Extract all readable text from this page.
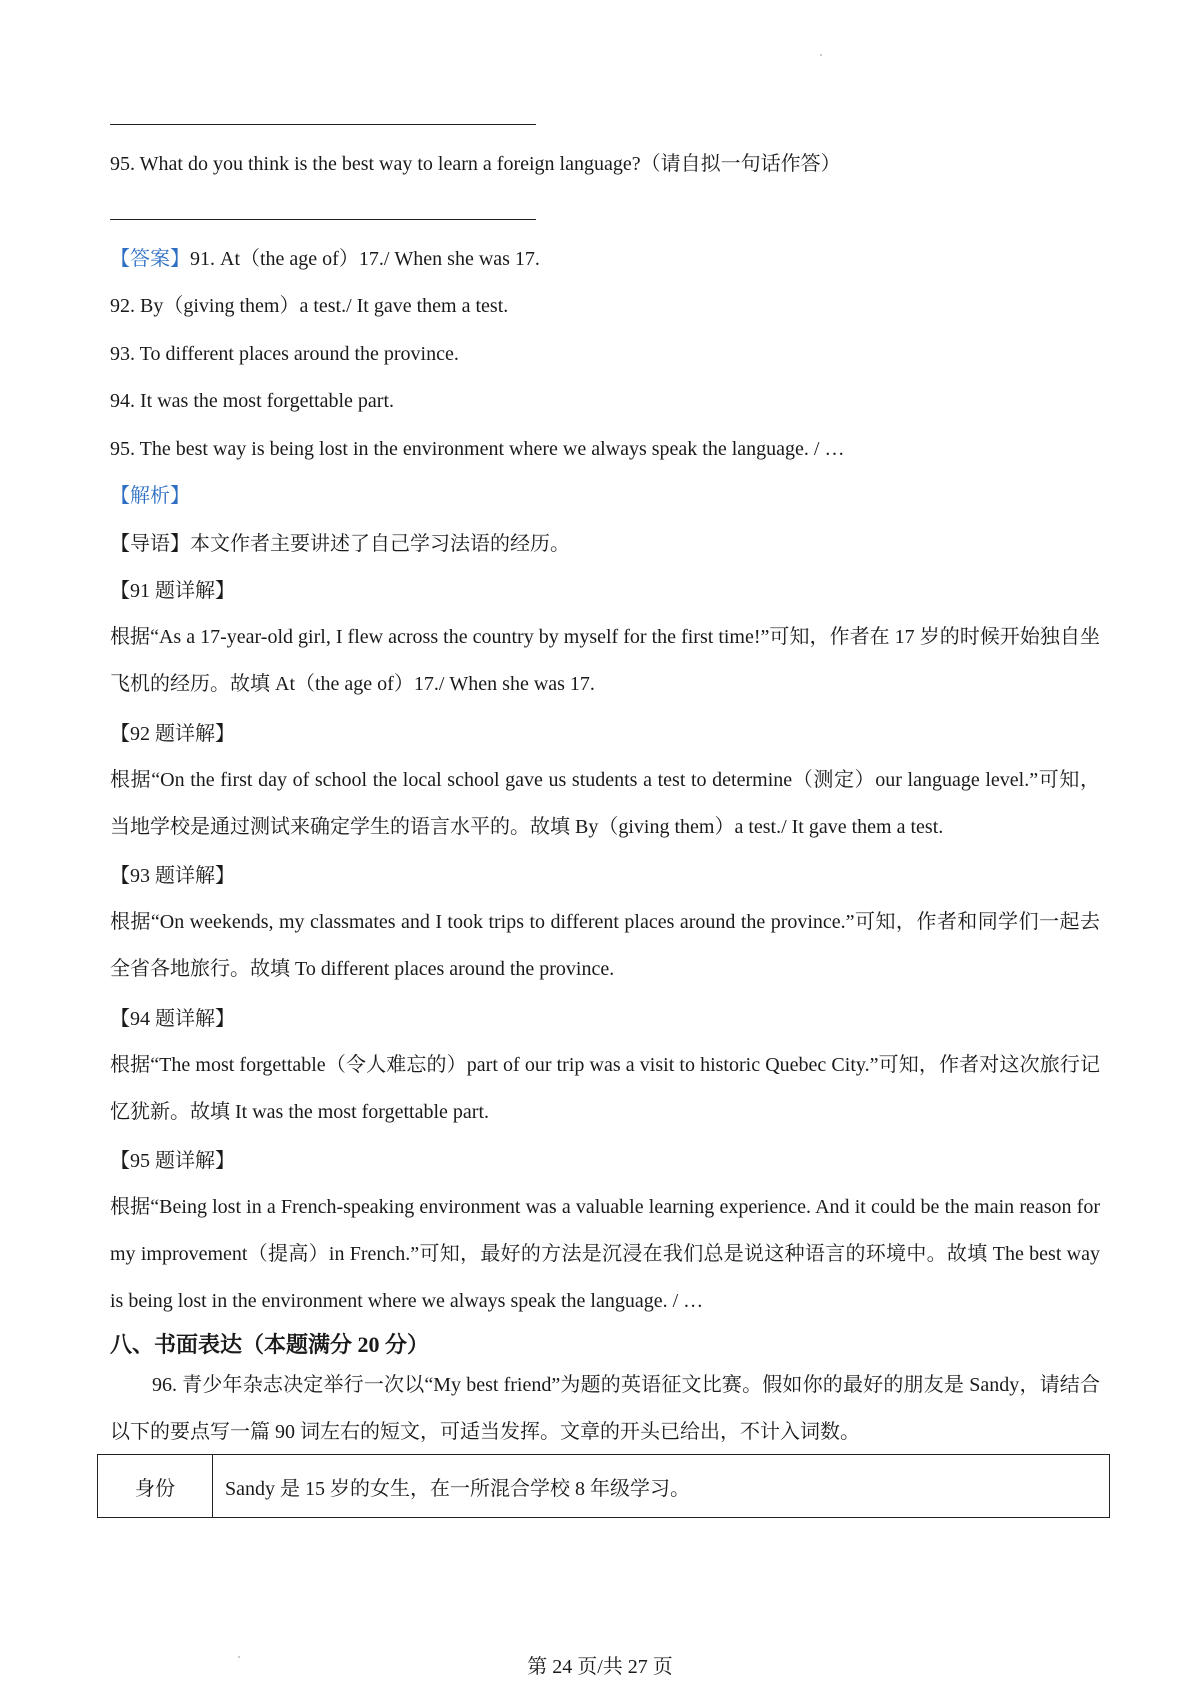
95. What do you think is the best way to learn a foreign language?（请自拟一句话作答）
【答案】91. At（the age of）17./ When she was 17.
92. By（giving them）a test./ It gave them a test.
93. To different places around the province.
94. It was the most forgettable part.
95. The best way is being lost in the environment where we always speak the language. / …
【解析】
【导语】本文作者主要讲述了自己学习法语的经历。
【91 题详解】
根据“As a 17-year-old girl, I flew across the country by myself for the first time!”可知，作者在 17 岁的时候开始独自坐飞机的经历。故填 At（the age of）17./ When she was 17.
【92 题详解】
根据“On the first day of school the local school gave us students a test to determine（测定）our language level.”可知，当地学校是通过测试来确定学生的语言水平的。故填 By（giving them）a test./ It gave them a test.
【93 题详解】
根据“On weekends, my classmates and I took trips to different places around the province.”可知，作者和同学们一起去全省各地旅行。故填 To different places around the province.
【94 题详解】
根据“The most forgettable（令人难忘的）part of our trip was a visit to historic Quebec City.”可知，作者对这次旅行记忆犹新。故填 It was the most forgettable part.
【95 题详解】
根据“Being lost in a French-speaking environment was a valuable learning experience. And it could be the main reason for my improvement（提高）in French.”可知，最好的方法是沉浸在我们总是说这种语言的环境中。故填 The best way is being lost in the environment where we always speak the language. / …
八、书面表达（本题满分 20 分）
96. 青少年杂志决定举行一次以“My best friend”为题的英语征文比赛。假如你的最好的朋友是 Sandy，请结合以下的要点写一篇 90 词左右的短文，可适当发挥。文章的开头已给出，不计入词数。
身份	Sandy 是 15 岁的女生，在一所混合学校 8 年级学习。
第 24 页/共 27 页
